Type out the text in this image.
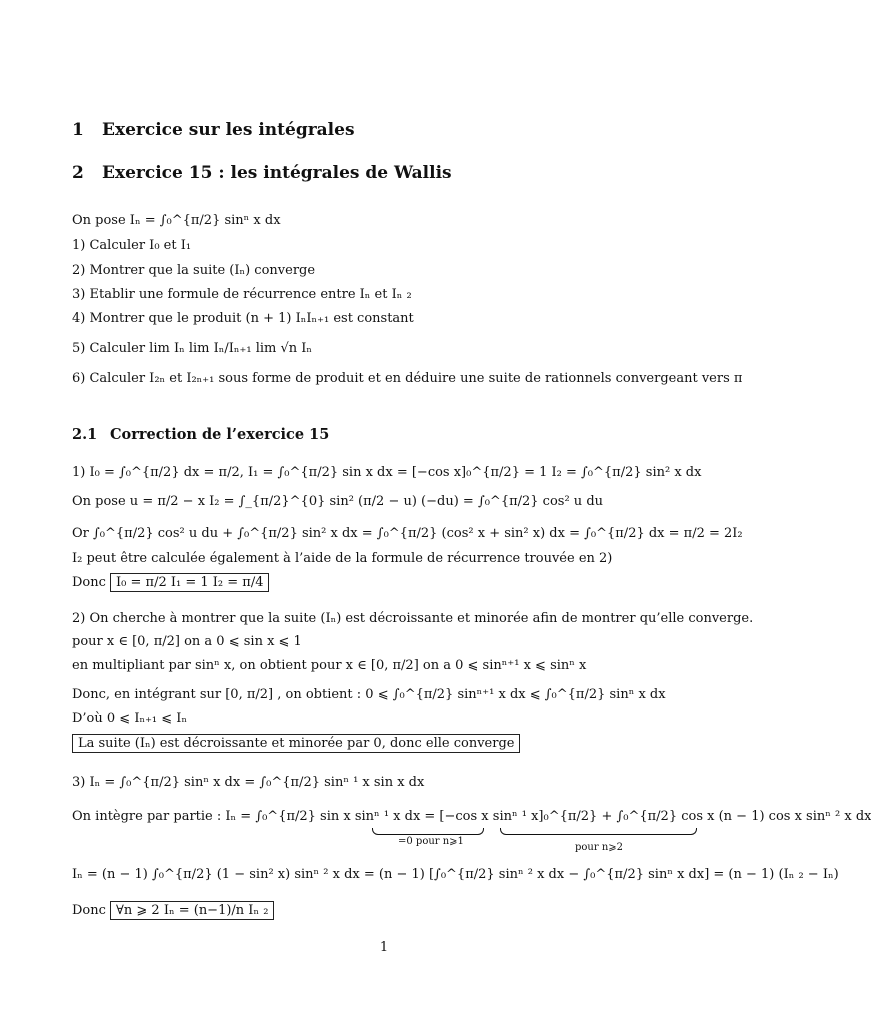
1 Exercice sur les intégrales
2 Exercice 15 : les intégrales de Wallis
On pose Iₙ = ∫₀^{π/2} sinⁿ x dx
1) Calculer I₀ et I₁
2) Montrer que la suite (Iₙ) converge
3) Etablir une formule de récurrence entre Iₙ et Iₙ ₂
4) Montrer que le produit (n + 1) IₙIₙ₊₁ est constant
5) Calculer lim Iₙ lim Iₙ/Iₙ₊₁ lim √n Iₙ
6) Calculer I₂ₙ et I₂ₙ₊₁ sous forme de produit et en déduire une suite de rationnels convergeant vers π
2.1 Correction de l’exercice 15
1) I₀ = ∫₀^{π/2} dx = π/2, I₁ = ∫₀^{π/2} sin x dx = [−cos x]₀^{π/2} = 1 I₂ = ∫₀^{π/2} sin² x dx
On pose u = π/2 − x I₂ = ∫_{π/2}^{0} sin² (π/2 − u) (−du) = ∫₀^{π/2} cos² u du
Or ∫₀^{π/2} cos² u du + ∫₀^{π/2} sin² x dx = ∫₀^{π/2} (cos² x + sin² x) dx = ∫₀^{π/2} dx = π/2 = 2I₂
I₂ peut être calculée également à l’aide de la formule de récurrence trouvée en 2)
Donc I₀ = π/2 I₁ = 1 I₂ = π/4
2) On cherche à montrer que la suite (Iₙ) est décroissante et minorée afin de montrer qu’elle converge.
pour x ∈ [0, π/2] on a 0 ⩽ sin x ⩽ 1
en multipliant par sinⁿ x, on obtient pour x ∈ [0, π/2] on a 0 ⩽ sinⁿ⁺¹ x ⩽ sinⁿ x
Donc, en intégrant sur [0, π/2] , on obtient : 0 ⩽ ∫₀^{π/2} sinⁿ⁺¹ x dx ⩽ ∫₀^{π/2} sinⁿ x dx
D’où 0 ⩽ Iₙ₊₁ ⩽ Iₙ
La suite (Iₙ) est décroissante et minorée par 0, donc elle converge
3) Iₙ = ∫₀^{π/2} sinⁿ x dx = ∫₀^{π/2} sinⁿ ¹ x sin x dx
On intègre par partie : Iₙ = ∫₀^{π/2} sin x sinⁿ ¹ x dx = [−cos x sinⁿ ¹ x]₀^{π/2} + ∫₀^{π/2} cos x (n − 1) cos x sinⁿ ² x dx
=0 pour n⩾1
pour n⩾2
Iₙ = (n − 1) ∫₀^{π/2} (1 − sin² x) sinⁿ ² x dx = (n − 1) [∫₀^{π/2} sinⁿ ² x dx − ∫₀^{π/2} sinⁿ x dx] = (n − 1) (Iₙ ₂ − Iₙ)
Donc ∀n ⩾ 2 Iₙ = (n−1)/n Iₙ ₂
1
